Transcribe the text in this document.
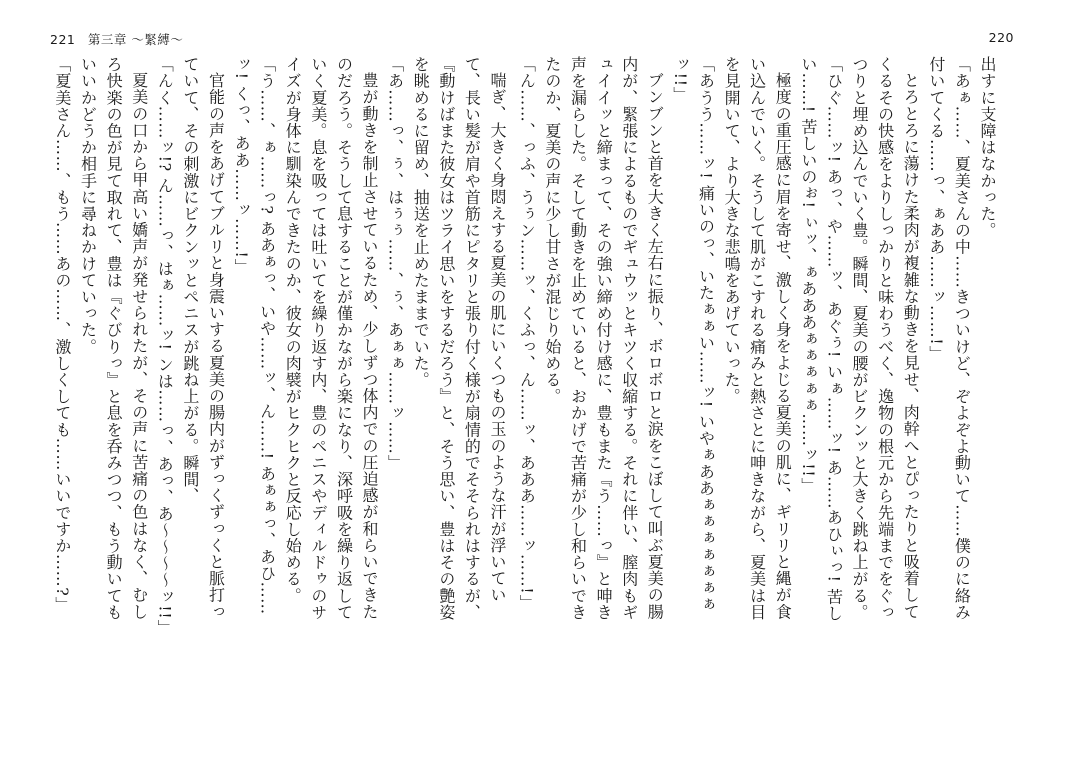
221 第三章 ～緊縛～	220

出すに支障はなかった。

「あぁ……、夏美さんの中……きついけど、ぞよぞよ動いて……僕のに絡み付いてくる……っ、ぁああ……ッ……!」

とろとろに蕩けた柔肉が複雑な動きを見せ、肉幹へとぴったりと吸着してくるその快感をよりしっかりと味わうべく、逸物の根元から先端までをぐっつりと埋め込んでいく豊。瞬間、夏美の腰がビクンッと大きく跳ね上がる。

「ひぐ……ッ! あっ、や……ッ、あぐぅ! いぁ……ッ! あ……あひぃっ! 苦しい……! 苦しいのぉ! ぃッ、ぁあああぁぁぁぁぁ……ッ!!」

極度の重圧感に眉を寄せ、激しく身をよじる夏美の肌に、ギリリと縄が食い込んでいく。そうして肌がこすれる痛みと熱さとに呻きながら、夏美は目を見開いて、より大きな悲鳴をあげていった。

「あうう……ッ! 痛いのっ、いたぁぁい……ッ! いやぁああぁぁぁぁぁぁぁッ!!」

ブンブンと首を大きく左右に振り、ボロボロと涙をこぼして叫ぶ夏美の腸内が、緊張によるものでギュウッとキツく収縮する。それに伴い、膣肉もギュイイッと締まって、その強い締め付け感に、豊もまた『う……っ』と呻き声を漏らした。そして動きを止めていると、おかげで苦痛が少し和らいできたのか、夏美の声に少し甘さが混じり始める。

「ん……、っふ、うぅン……ッ、くふっ、ん……ッ、あああ……ッ……!」

喘ぎ、大きく身悶えする夏美の肌にいくつもの玉のような汗が浮いていて、長い髪が肩や首筋にピタリと張り付く様が扇情的でそそられはするが、『動けばまた彼女はツライ思いをするだろう』と、そう思い、豊はその艶姿を眺めるに留め、抽送を止めたままでいた。

「あ……っ、ぅ、はぅぅ……、ぅ、あぁぁ……ッ……」

豊が動きを制止させているため、少しずつ体内での圧迫感が和らいできたのだろう。そうして息することが僅かながら楽になり、深呼吸を繰り返していく夏美。息を吸っては吐いてを繰り返す内、豊のペニスやディルドゥのサイズが身体に馴染んできたのか、彼女の肉襞がヒクヒクと反応し始める。

「う……、ぁ……っ? ああぁっ、いや……ッ、ん……! あぁぁっ、あひ……ッ! くっ、ああ……ッ……!」

官能の声をあげてブルリと身震いする夏美の腸内がずっくずっくと脈打っていて、その刺激にビクンッとペニスが跳ね上がる。瞬間、

「んく……ッ!? ん……っ、はぁ……ッ! ンは……っ、あっ、あ〜〜〜〜ッ!!」

夏美の口から甲高い嬌声が発せられたが、その声に苦痛の色はなく、むしろ快楽の色が見て取れて、豊は『ぐびりっ』と息を呑みつつ、もう動いてもいいかどうか相手に尋ねかけていった。

「夏美さん……、もう……あの……、激しくしても……いいですか……?」
